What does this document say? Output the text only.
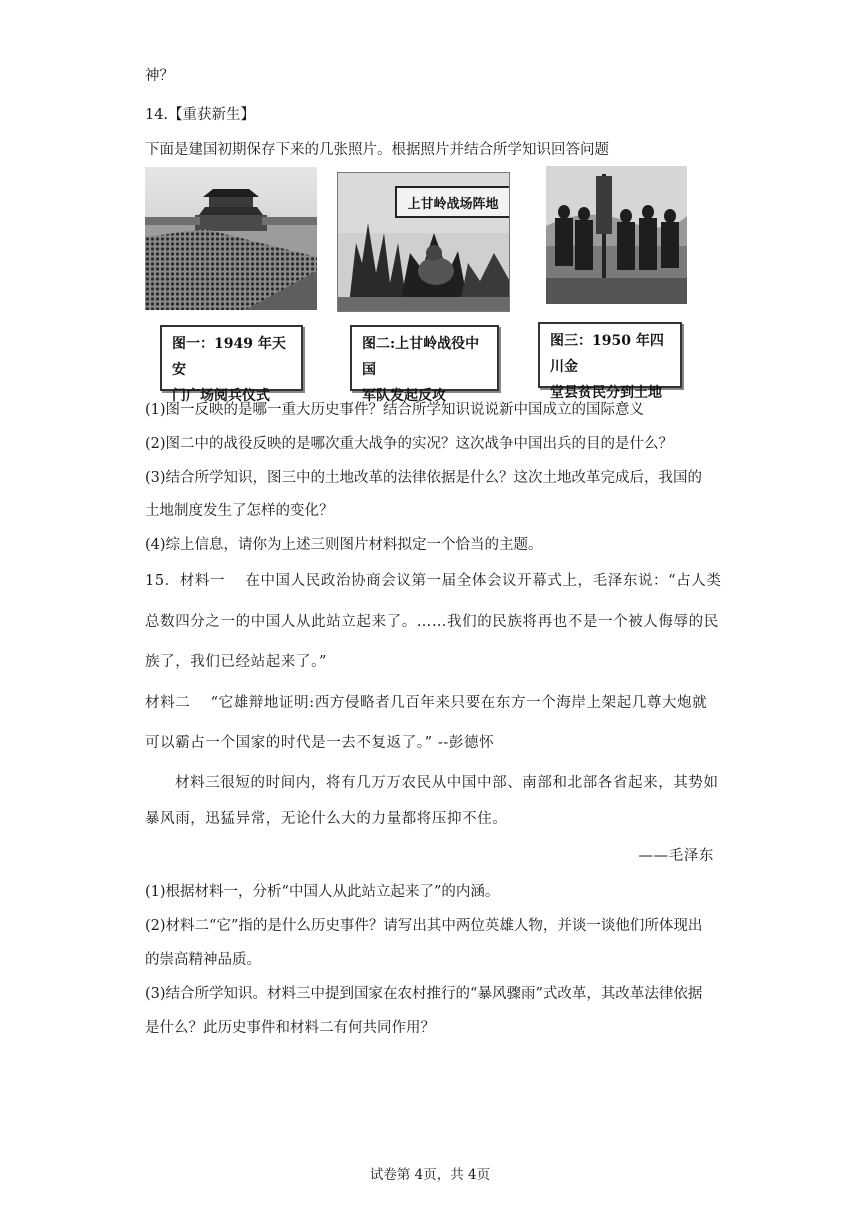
神？
14.【重获新生】
下面是建国初期保存下来的几张照片。根据照片并结合所学知识回答问题
上甘岭战场阵地
图一：1949 年天安
门广场阅兵仪式
图二:上甘岭战役中国
军队发起反攻
图三：1950 年四川金
堂县贫民分到土地
(1)图一反映的是哪一重大历史事件？结合所学知识说说新中国成立的国际意义
(2)图二中的战役反映的是哪次重大战争的实况？这次战争中国出兵的目的是什么？
(3)结合所学知识，图三中的土地改革的法律依据是什么？这次土地改革完成后，我国的
土地制度发生了怎样的变化？
(4)综上信息，请你为上述三则图片材料拟定一个恰当的主题。
15．材料一　 在中国人民政治协商会议第一届全体会议开幕式上，毛泽东说：“占人类
总数四分之一的中国人从此站立起来了。……我们的民族将再也不是一个被人侮辱的民
族了，我们已经站起来了。”
材料二　 “它雄辩地证明:西方侵略者几百年来只要在东方一个海岸上架起几尊大炮就
可以霸占一个国家的时代是一去不复返了。” --彭德怀
材料三很短的时间内，将有几万万农民从中国中部、南部和北部各省起来，其势如
暴风雨，迅猛异常，无论什么大的力量都将压抑不住。
——毛泽东
(1)根据材料一，分析“中国人从此站立起来了”的内涵。
(2)材料二“它”指的是什么历史事件？请写出其中两位英雄人物，并谈一谈他们所体现出
的崇高精神品质。
(3)结合所学知识。材料三中提到国家在农村推行的“暴风骤雨”式改革，其改革法律依据
是什么？此历史事件和材料二有何共同作用？
试卷第 4页，共 4页
